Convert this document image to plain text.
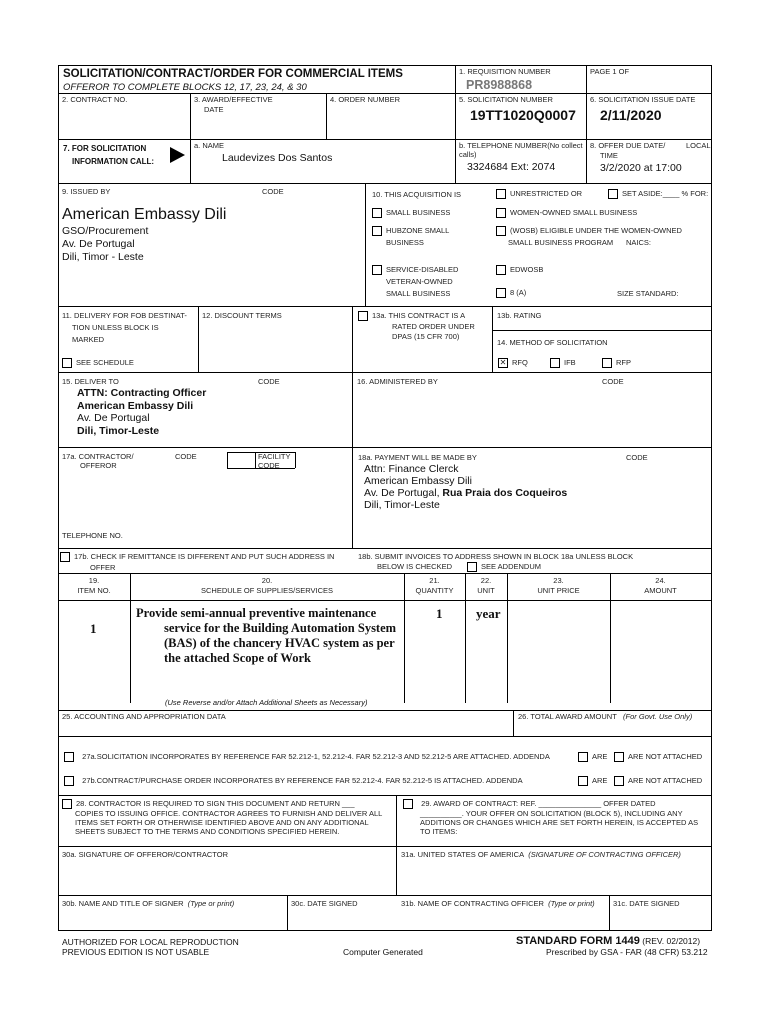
SOLICITATION/CONTRACT/ORDER FOR COMMERCIAL ITEMS
OFFEROR TO COMPLETE BLOCKS 12, 17, 23, 24, & 30
1. REQUISITION NUMBER
PR8988868
PAGE 1 OF
2. CONTRACT NO.	3. AWARD/EFFECTIVE
DATE
4. ORDER NUMBER	5. SOLICITATION NUMBER
19TT1020Q0007
6. SOLICITATION ISSUE DATE
2/11/2020
7. FOR SOLICITATION
INFORMATION CALL:
a. NAME
Laudevizes Dos Santos
b. TELEPHONE NUMBER(No collect
calls)
3324684 Ext: 2074
8. OFFER DUE DATE/	LOCAL
TIME
3/2/2020 at 17:00
9. ISSUED BY	CODE
American Embassy Dili
GSO/Procurement
Av. De Portugal
Dili, Timor - Leste
10. THIS ACQUISITION IS	UNRESTRICTED OR	SET ASIDE:____ % FOR:
SMALL BUSINESS	WOMEN-OWNED SMALL BUSINESS
HUBZONE SMALL
BUSINESS
(WOSB) ELIGIBLE UNDER THE WOMEN-OWNED
SMALL BUSINESS PROGRAM NAICS:
SERVICE-DISABLED
VETERAN-OWNED
SMALL BUSINESS
EDWOSB
8 (A)	SIZE STANDARD:
11. DELIVERY FOR FOB DESTINAT-
TION UNLESS BLOCK IS
MARKED
SEE SCHEDULE
12. DISCOUNT TERMS	13a. THIS CONTRACT IS A
RATED ORDER UNDER
DPAS (15 CFR 700)
13b. RATING
14. METHOD OF SOLICITATION
✕ RFQ	IFB	RFP
15. DELIVER TO	CODE
ATTN: Contracting Officer
American Embassy Dili
Av. De Portugal
Dili, Timor-Leste
16. ADMINISTERED BY	CODE
17a. CONTRACTOR/
OFFEROR
CODE	FACILITY
CODE
18a. PAYMENT WILL BE MADE BY	CODE
Attn: Finance Clerck
American Embassy Dili
Av. De Portugal, Rua Praia dos Coqueiros
Dili, Timor-Leste
TELEPHONE NO.
17b. CHECK IF REMITTANCE IS DIFFERENT AND PUT SUCH ADDRESS IN
OFFER
18b. SUBMIT INVOICES TO ADDRESS SHOWN IN BLOCK 18a UNLESS BLOCK
BELOW IS CHECKED	SEE ADDENDUM
19.
ITEM NO.
20.
SCHEDULE OF SUPPLIES/SERVICES
21.
QUANTITY
22.
UNIT
23.
UNIT PRICE
24.
AMOUNT
1
Provide semi-annual preventive maintenance
service for the Building Automation System
(BAS) of the chancery HVAC system as per
the attached Scope of Work
1	year
(Use Reverse and/or Attach Additional Sheets as Necessary)
25. ACCOUNTING AND APPROPRIATION DATA	26. TOTAL AWARD AMOUNT (For Govt. Use Only)
27a.SOLICITATION INCORPORATES BY REFERENCE FAR 52.212-1, 52.212-4. FAR 52.212-3 AND 52.212-5 ARE ATTACHED. ADDENDA	ARE	ARE NOT ATTACHED
27b.CONTRACT/PURCHASE ORDER INCORPORATES BY REFERENCE FAR 52.212-4. FAR 52.212-5 IS ATTACHED. ADDENDA	ARE	ARE NOT ATTACHED
28. CONTRACTOR IS REQUIRED TO SIGN THIS DOCUMENT AND RETURN ___
COPIES TO ISSUING OFFICE. CONTRACTOR AGREES TO FURNISH AND DELIVER ALL
ITEMS SET FORTH OR OTHERWISE IDENTIFIED ABOVE AND ON ANY ADDITIONAL
SHEETS SUBJECT TO THE TERMS AND CONDITIONS SPECIFIED HEREIN.
29. AWARD OF CONTRACT: REF. _______________ OFFER DATED
__________. YOUR OFFER ON SOLICITATION (BLOCK 5), INCLUDING ANY
ADDITIONS OR CHANGES WHICH ARE SET FORTH HEREIN, IS ACCEPTED AS
TO ITEMS:
30a. SIGNATURE OF OFFEROR/CONTRACTOR	31a. UNITED STATES OF AMERICA (SIGNATURE OF CONTRACTING OFFICER)
30b. NAME AND TITLE OF SIGNER (Type or print)	30c. DATE SIGNED	31b. NAME OF CONTRACTING OFFICER (Type or print) 31c. DATE SIGNED
AUTHORIZED FOR LOCAL REPRODUCTION
PREVIOUS EDITION IS NOT USABLE	Computer Generated
STANDARD FORM 1449 (REV. 02/2012)
Prescribed by GSA - FAR (48 CFR) 53.212
